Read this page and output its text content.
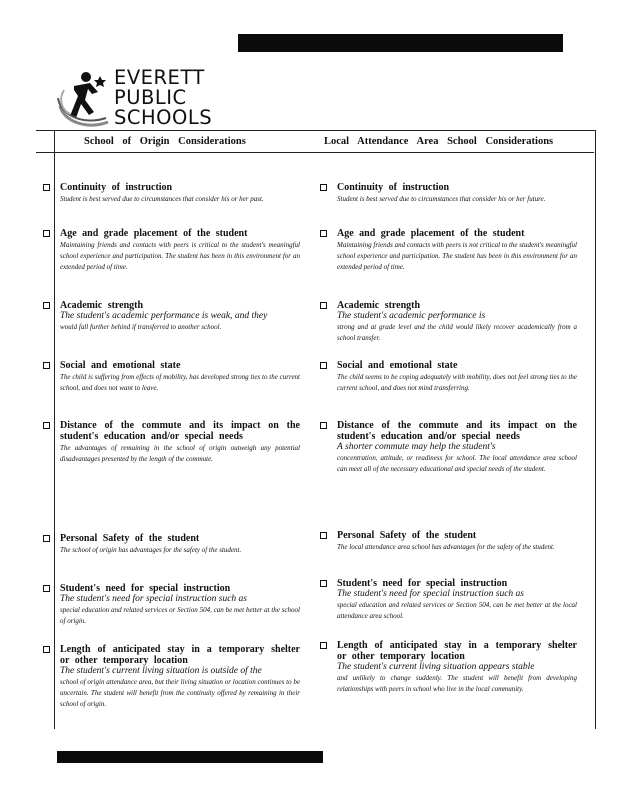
EVERETT
PUBLIC
SCHOOLS
School of Origin Considerations	Local Attendance Area School Considerations
Continuity of instruction
Student is best served due to circumstances that consider his or her past.
Age and grade placement of the student
Maintaining friends and contacts with peers is critical to the student's meaningful school experience and participation. The student has been in this environment for an extended period of time.
Academic strength
The student's academic performance is weak, and they
would fall further behind if transferred to another school.
Social and emotional state
The child is suffering from effects of mobility, has developed strong ties to the current school, and does not want to leave.
Distance of the commute and its impact on the student's education and/or special needs
The advantages of remaining in the school of origin outweigh any potential disadvantages presented by the length of the commute.
Personal Safety of the student
The school of origin has advantages for the safety of the student.
Student's need for special instruction
The student's need for special instruction such as
special education and related services or Section 504, can be met better at the school of origin.
Length of anticipated stay in a temporary shelter or other temporary location
The student's current living situation is outside of the
school of origin attendance area, but their living situation or location continues to be uncertain. The student will benefit from the continuity offered by remaining in their school of origin.
Continuity of instruction
Student is best served due to circumstances that consider his or her future.
Age and grade placement of the student
Maintaining friends and contacts with peers is not critical to the student's meaningful school experience and participation. The student has been in this environment for an extended period of time.
Academic strength
The student's academic performance is
strong and at grade level and the child would likely recover academically from a school transfer.
Social and emotional state
The child seems to be coping adequately with mobility, does not feel strong ties to the current school, and does not mind transferring.
Distance of the commute and its impact on the student's education and/or special needs
A shorter commute may help the student's
concentration, attitude, or readiness for school. The local attendance area school can meet all of the necessary educational and special needs of the student.
Personal Safety of the student
The local attendance area school has advantages for the safety of the student.
Student's need for special instruction
The student's need for special instruction such as
special education and related services or Section 504, can be met better at the local attendance area school.
Length of anticipated stay in a temporary shelter or other temporary location
The student's current living situation appears stable
and unlikely to change suddenly. The student will benefit from developing relationships with peers in school who live in the local community.
